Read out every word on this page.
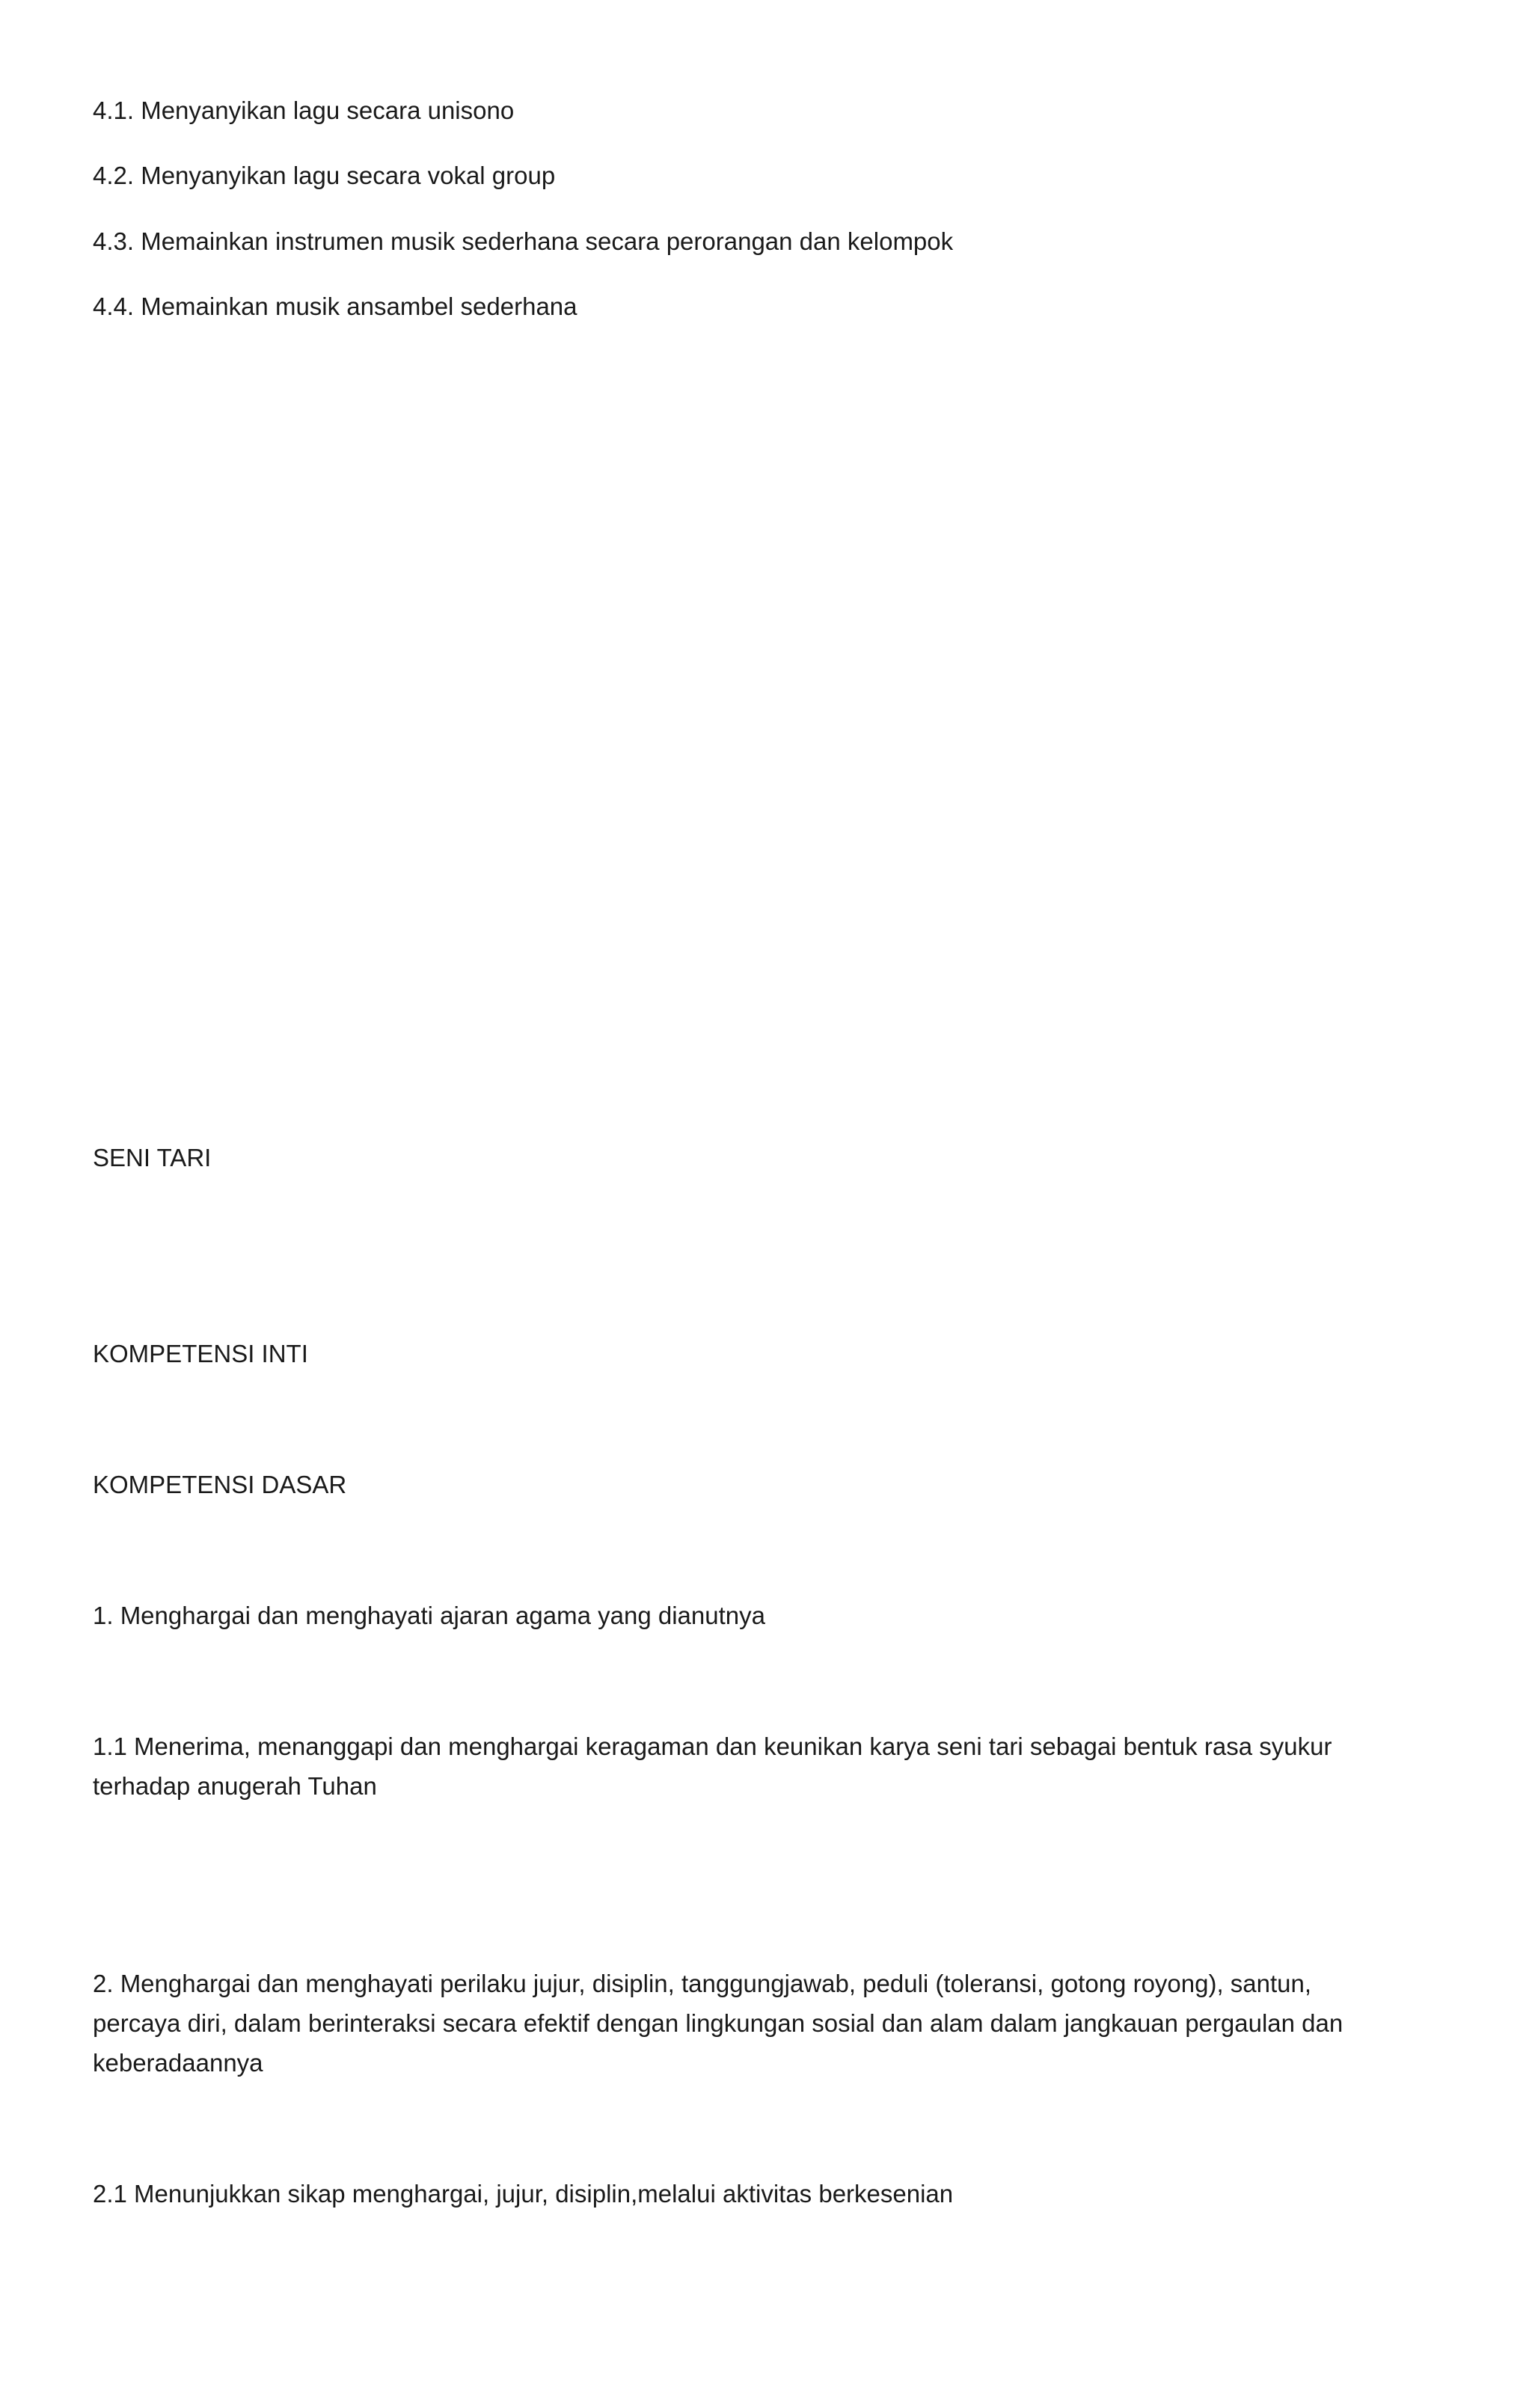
4.1. Menyanyikan lagu secara unisono

4.2. Menyanyikan lagu secara vokal group

4.3. Memainkan instrumen musik sederhana secara perorangan dan kelompok

4.4. Memainkan musik ansambel sederhana

SENI TARI

KOMPETENSI INTI

KOMPETENSI DASAR

1. Menghargai dan menghayati ajaran agama yang dianutnya

1.1 Menerima, menanggapi dan menghargai keragaman dan keunikan karya seni tari sebagai bentuk rasa syukur

terhadap anugerah Tuhan

2. Menghargai dan menghayati perilaku jujur, disiplin, tanggungjawab, peduli (toleransi, gotong royong), santun,

percaya diri, dalam berinteraksi secara efektif dengan lingkungan sosial dan alam dalam jangkauan pergaulan dan

keberadaannya

2.1 Menunjukkan sikap menghargai, jujur, disiplin,melalui aktivitas berkesenian
